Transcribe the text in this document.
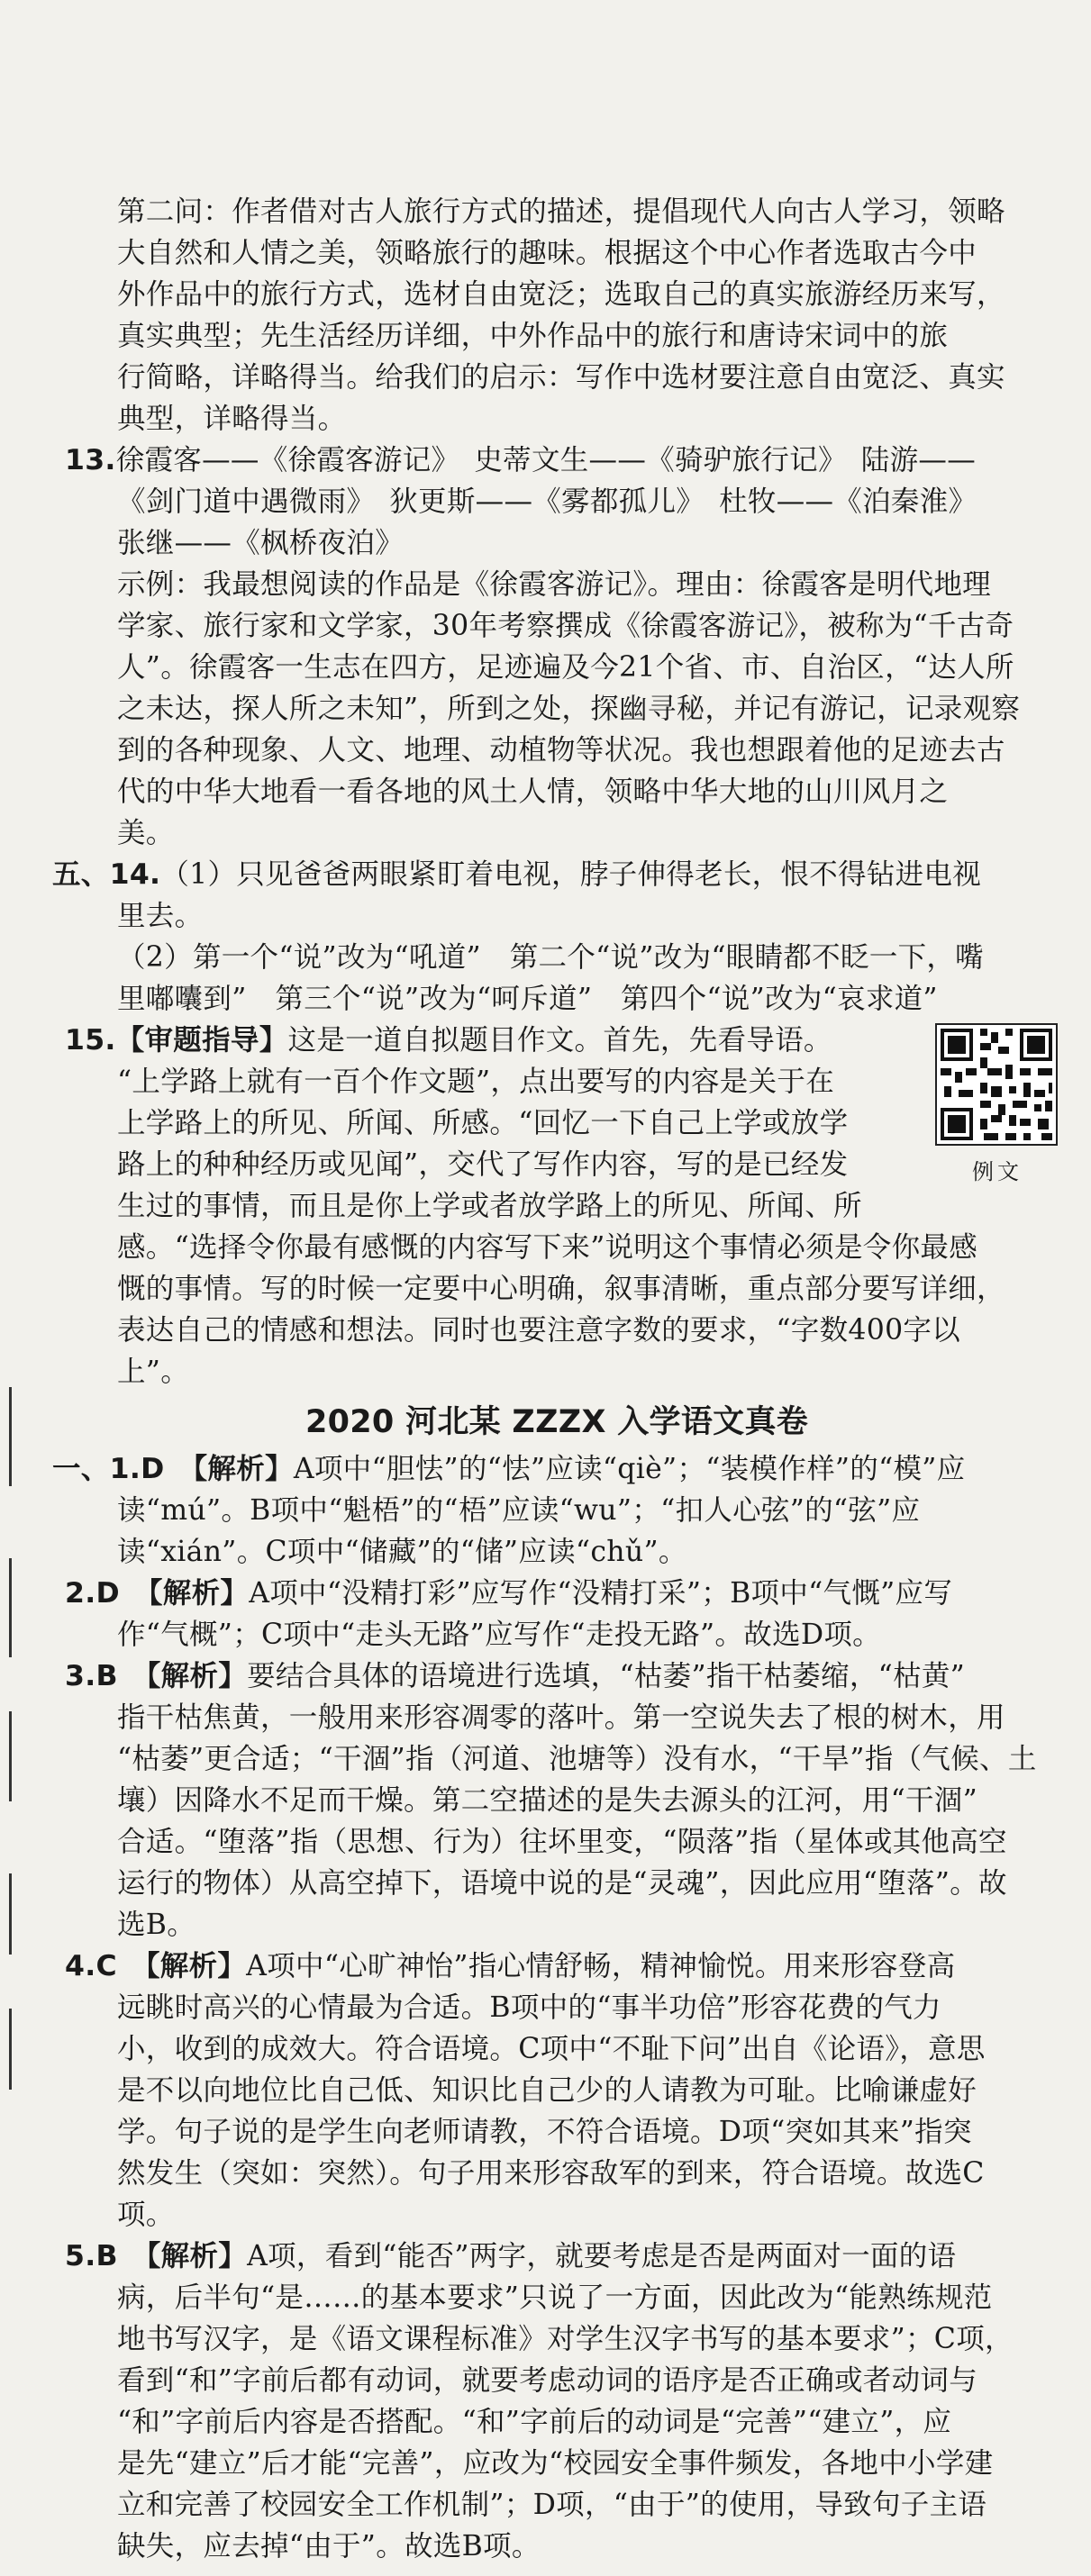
第二问：作者借对古人旅行方式的描述，提倡现代人向古人学习，领略

大自然和人情之美，领略旅行的趣味。根据这个中心作者选取古今中

外作品中的旅行方式，选材自由宽泛；选取自己的真实旅游经历来写，

真实典型；先生活经历详细，中外作品中的旅行和唐诗宋词中的旅

行简略，详略得当。给我们的启示：写作中选材要注意自由宽泛、真实

典型，详略得当。

13.徐霞客——《徐霞客游记》　史蒂文生——《骑驴旅行记》　陆游——

《剑门道中遇微雨》　狄更斯——《雾都孤儿》　杜牧——《泊秦淮》

张继——《枫桥夜泊》

示例：我最想阅读的作品是《徐霞客游记》。理由：徐霞客是明代地理

学家、旅行家和文学家，30年考察撰成《徐霞客游记》，被称为“千古奇

人”。徐霞客一生志在四方，足迹遍及今21个省、市、自治区，“达人所

之未达，探人所之未知”，所到之处，探幽寻秘，并记有游记，记录观察

到的各种现象、人文、地理、动植物等状况。我也想跟着他的足迹去古

代的中华大地看一看各地的风土人情，领略中华大地的山川风月之

美。

五、14.（1）只见爸爸两眼紧盯着电视，脖子伸得老长，恨不得钻进电视

里去。

（2）第一个“说”改为“吼道”　第二个“说”改为“眼睛都不眨一下，嘴

里嘟囔到”　第三个“说”改为“呵斥道”　第四个“说”改为“哀求道”

例文

15.【审题指导】这是一道自拟题目作文。首先，先看导语。

“上学路上就有一百个作文题”，点出要写的内容是关于在

上学路上的所见、所闻、所感。“回忆一下自己上学或放学

路上的种种经历或见闻”，交代了写作内容，写的是已经发

生过的事情，而且是你上学或者放学路上的所见、所闻、所

感。“选择令你最有感慨的内容写下来”说明这个事情必须是令你最感

慨的事情。写的时候一定要中心明确，叙事清晰，重点部分要写详细，

表达自己的情感和想法。同时也要注意字数的要求，“字数400字以

上”。

2020 河北某 ZZZX 入学语文真卷

一、1.D　 【解析】A项中“胆怯”的“怯”应读“qiè”；“装模作样”的“模”应

读“mú”。B项中“魁梧”的“梧”应读“wu”；“扣人心弦”的“弦”应

读“xián”。C项中“储藏”的“储”应读“chǔ”。

2.D　 【解析】A项中“没精打彩”应写作“没精打采”；B项中“气慨”应写

作“气概”；C项中“走头无路”应写作“走投无路”。故选D项。

3.B　 【解析】要结合具体的语境进行选填，“枯萎”指干枯萎缩，“枯黄”

指干枯焦黄，一般用来形容凋零的落叶。第一空说失去了根的树木，用

“枯萎”更合适；“干涸”指（河道、池塘等）没有水，“干旱”指（气候、土

壤）因降水不足而干燥。第二空描述的是失去源头的江河，用“干涸”

合适。“堕落”指（思想、行为）往坏里变，“陨落”指（星体或其他高空

运行的物体）从高空掉下，语境中说的是“灵魂”，因此应用“堕落”。故

选B。

4.C　 【解析】A项中“心旷神怡”指心情舒畅，精神愉悦。用来形容登高

远眺时高兴的心情最为合适。B项中的“事半功倍”形容花费的气力

小，收到的成效大。符合语境。C项中“不耻下问”出自《论语》，意思

是不以向地位比自己低、知识比自己少的人请教为可耻。比喻谦虚好

学。句子说的是学生向老师请教，不符合语境。D项“突如其来”指突

然发生（突如：突然）。句子用来形容敌军的到来，符合语境。故选C

项。

5.B　 【解析】A项，看到“能否”两字，就要考虑是否是两面对一面的语

病，后半句“是……的基本要求”只说了一方面，因此改为“能熟练规范

地书写汉字，是《语文课程标准》对学生汉字书写的基本要求”；C项，

看到“和”字前后都有动词，就要考虑动词的语序是否正确或者动词与

“和”字前后内容是否搭配。“和”字前后的动词是“完善”“建立”，应

是先“建立”后才能“完善”，应改为“校园安全事件频发，各地中小学建

立和完善了校园安全工作机制”；D项，“由于”的使用，导致句子主语

缺失，应去掉“由于”。故选B项。
